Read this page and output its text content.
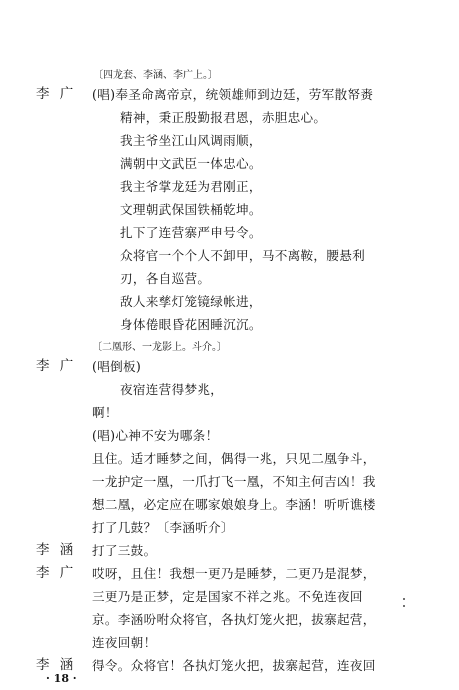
〔四龙套、李涵、李广上。〕
李 广 (唱)奉圣命离帝京，统领雄师到边廷，劳军散帑赉
精神，秉正殷勤报君恩，赤胆忠心。
我主爷坐江山风调雨顺，
满朝中文武臣一体忠心。
我主爷掌龙廷为君刚正，
文理朝武保国铁桶乾坤。
扎下了连营寨严申号令。
众将官一个个人不卸甲，马不离鞍，腰悬利
刃，各自巡营。
敌人来孳灯笼镜绿帐进，
身体倦眼昏花困睡沉沉。
〔二凰形、一龙影上。斗介。〕
李 广 (唱倒板)
夜宿连营得梦兆，
啊！
(唱)心神不安为哪条！
且住。适才睡梦之间，偶得一兆，只见二凰争斗，
一龙护定一凰，一爪打飞一凰，不知主何吉凶！我
想二凰，必定应在哪家娘娘身上。李涵！听听谯楼
打了几鼓？〔李涵听介〕
李 涵 打了三鼓。
李 广 哎呀，且住！我想一更乃是睡梦，二更乃是混梦，
三更乃是正梦，定是国家不祥之兆。不免连夜回
京。李涵吩咐众将官，各执灯笼火把，拔寨起营，
连夜回朝！
李 涵 得令。众将官！各执灯笼火把，拔寨起营，连夜回
· 18 ·
